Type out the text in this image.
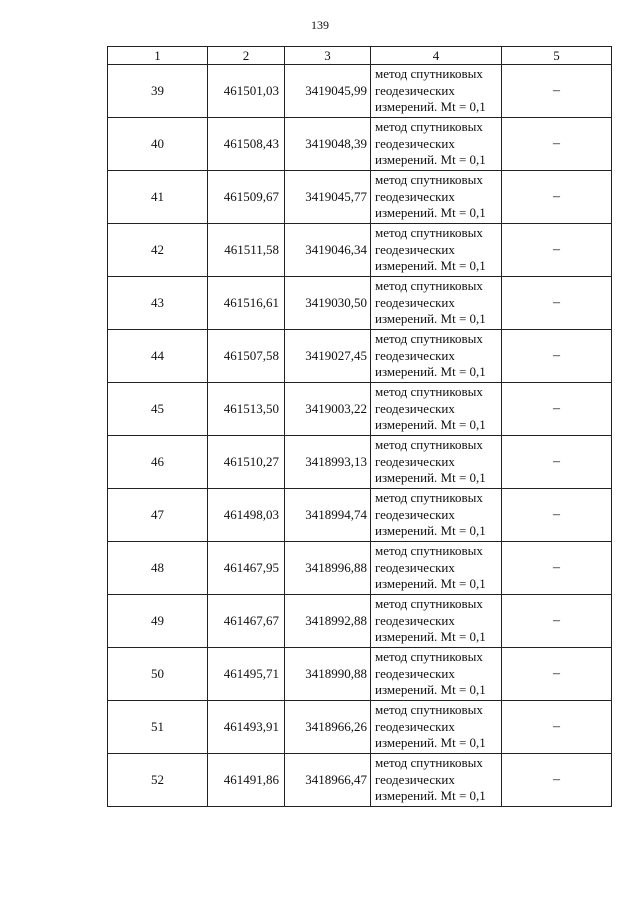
139
1	2	3	4	5
39	461501,03	3419045,99	метод спутниковых
геодезических
измерений. Mt = 0,1	–
40	461508,43	3419048,39	метод спутниковых
геодезических
измерений. Mt = 0,1	–
41	461509,67	3419045,77	метод спутниковых
геодезических
измерений. Mt = 0,1	–
42	461511,58	3419046,34	метод спутниковых
геодезических
измерений. Mt = 0,1	–
43	461516,61	3419030,50	метод спутниковых
геодезических
измерений. Mt = 0,1	–
44	461507,58	3419027,45	метод спутниковых
геодезических
измерений. Mt = 0,1	–
45	461513,50	3419003,22	метод спутниковых
геодезических
измерений. Mt = 0,1	–
46	461510,27	3418993,13	метод спутниковых
геодезических
измерений. Mt = 0,1	–
47	461498,03	3418994,74	метод спутниковых
геодезических
измерений. Mt = 0,1	–
48	461467,95	3418996,88	метод спутниковых
геодезических
измерений. Mt = 0,1	–
49	461467,67	3418992,88	метод спутниковых
геодезических
измерений. Mt = 0,1	–
50	461495,71	3418990,88	метод спутниковых
геодезических
измерений. Mt = 0,1	–
51	461493,91	3418966,26	метод спутниковых
геодезических
измерений. Mt = 0,1	–
52	461491,86	3418966,47	метод спутниковых
геодезических
измерений. Mt = 0,1	–
